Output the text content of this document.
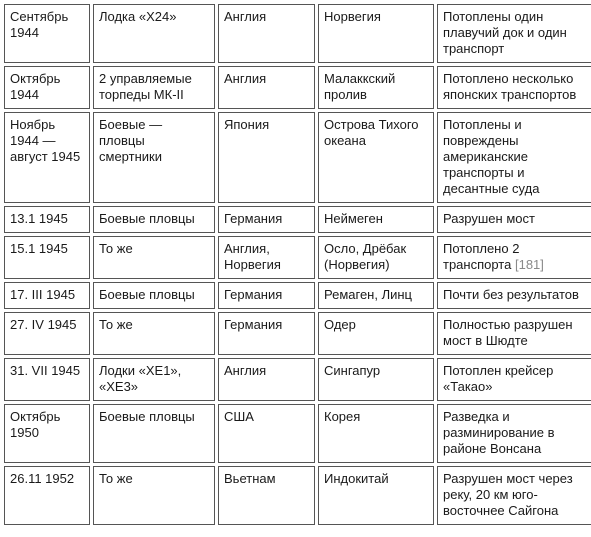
Сентябрь 1944	Лодка «Х24»	Англия	Норвегия	Потоплены один плавучий док и один транспорт
Октябрь 1944	2 управляемые торпеды МК-II	Англия	Малаккский пролив	Потоплено несколько японских транспортов
Ноябрь 1944 — август 1945	Боевые — пловцы смертники	Япония	Острова Тихого океана	Потоплены и повреждены американские транспорты и десантные суда
13.1 1945	Боевые пловцы	Германия	Неймеген	Разрушен мост
15.1 1945	То же	Англия, Норвегия	Осло, Дрёбак (Норвегия)	Потоплено 2 транспорта [181]
17. III 1945	Боевые пловцы	Германия	Ремаген, Линц	Почти без результатов
27. IV 1945	То же	Германия	Одер	Полностью разрушен мост в Шюдте
31. VII 1945	Лодки «ХЕ1», «ХЕ3»	Англия	Сингапур	Потоплен крейсер «Такао»
Октябрь 1950	Боевые пловцы	США	Корея	Разведка и разминирование в районе Вонсана
26.11 1952	То же	Вьетнам	Индокитай	Разрушен мост через реку, 20 км юго-восточнее Сайгона
